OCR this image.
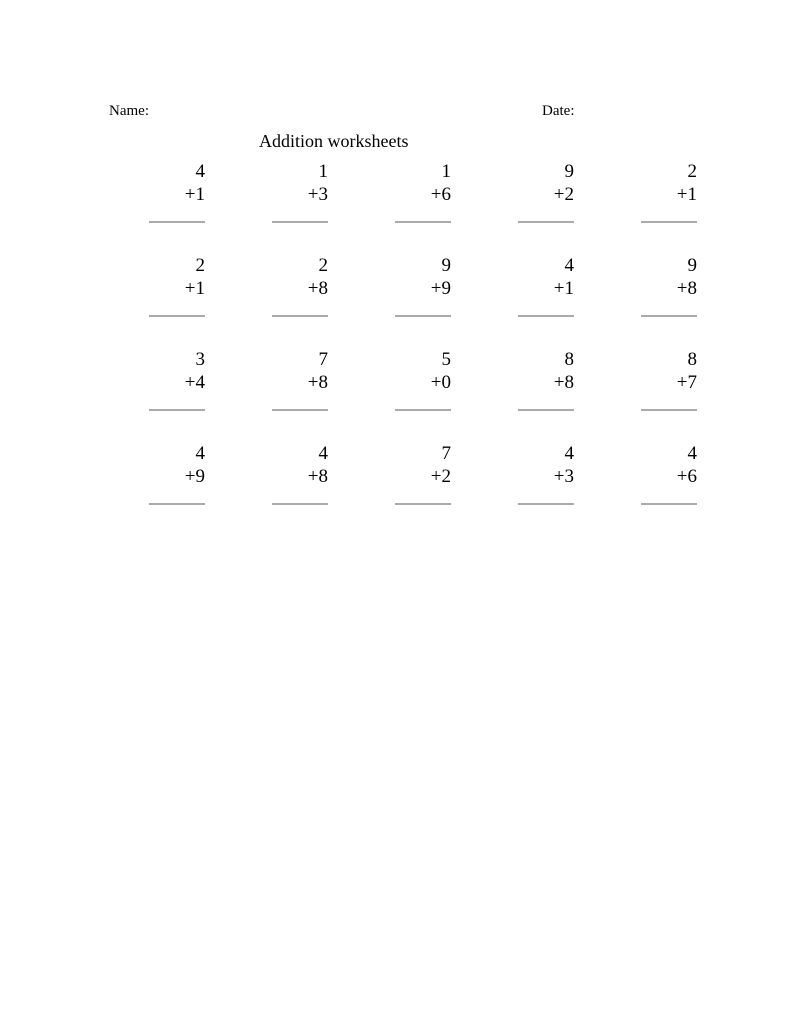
Name:	Date:
Addition worksheets
4
+1
1
+3
1
+6
9
+2
2
+1
2
+1
2
+8
9
+9
4
+1
9
+8
3
+4
7
+8
5
+0
8
+8
8
+7
4
+9
4
+8
7
+2
4
+3
4
+6
